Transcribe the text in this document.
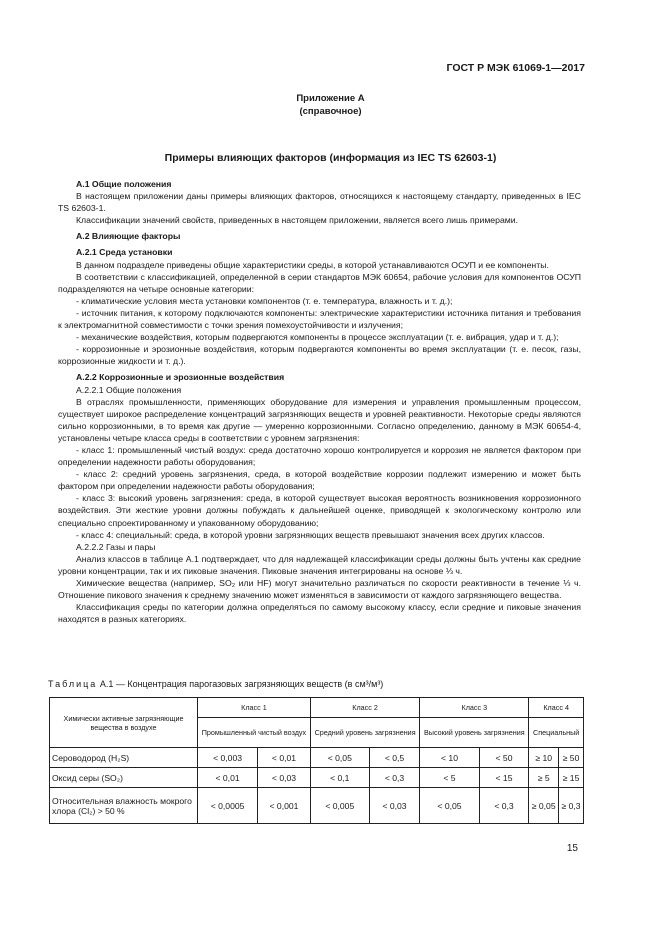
ГОСТ Р МЭК 61069-1—2017
Приложение А
(справочное)
Примеры влияющих факторов (информация из IEC TS 62603-1)

А.1 Общие положения

В настоящем приложении даны примеры влияющих факторов, относящихся к настоящему стандарту, приведенных в IEC TS 62603-1.

Классификации значений свойств, приведенных в настоящем приложении, является всего лишь примерами.

А.2 Влияющие факторы

А.2.1 Среда установки

В данном подразделе приведены общие характеристики среды, в которой устанавливаются ОСУП и ее компоненты.

В соответствии с классификацией, определенной в серии стандартов МЭК 60654, рабочие условия для компонентов ОСУП подразделяются на четыре основные категории:

- климатические условия места установки компонентов (т. е. температура, влажность и т. д.);

- источник питания, к которому подключаются компоненты: электрические характеристики источника питания и требования к электромагнитной совместимости с точки зрения помехоустойчивости и излучения;

- механические воздействия, которым подвергаются компоненты в процессе эксплуатации (т. е. вибрация, удар и т. д.);

- коррозионные и эрозионные воздействия, которым подвергаются компоненты во время эксплуатации (т. е. песок, газы, коррозионные жидкости и т. д.).

А.2.2 Коррозионные и эрозионные воздействия

А.2.2.1 Общие положения

В отраслях промышленности, применяющих оборудование для измерения и управления промышленным процессом, существует широкое распределение концентраций загрязняющих веществ и уровней реактивности. Некоторые среды являются сильно коррозионными, в то время как другие — умеренно коррозионными. Согласно определению, данному в МЭК 60654-4, установлены четыре класса среды в соответствии с уровнем загрязнения:

- класс 1: промышленный чистый воздух: среда достаточно хорошо контролируется и коррозия не является фактором при определении надежности работы оборудования;

- класс 2: средний уровень загрязнения, среда, в которой воздействие коррозии подлежит измерению и может быть фактором при определении надежности работы оборудования;

- класс 3: высокий уровень загрязнения: среда, в которой существует высокая вероятность возникновения коррозионного воздействия. Эти жесткие уровни должны побуждать к дальнейшей оценке, приводящей к экологическому контролю или специально спроектированному и упакованному оборудованию;

- класс 4: специальный: среда, в которой уровни загрязняющих веществ превышают значения всех других классов.

А.2.2.2 Газы и пары

Анализ классов в таблице А.1 подтверждает, что для надлежащей классификации среды должны быть учтены как средние уровни концентрации, так и их пиковые значения. Пиковые значения интегрированы на основе ⅓ ч.

Химические вещества (например, SO₂ или HF) могут значительно различаться по скорости реактивности в течение ⅓ ч. Отношение пикового значения к среднему значению может изменяться в зависимости от каждого загрязняющего вещества.

Классификация среды по категории должна определяться по самому высокому классу, если средние и пиковые значения находятся в разных категориях.

Таблица А.1 — Концентрация парогазовых загрязняющих веществ (в см³/м³)
Химически активные загрязняющие вещества в воздухе	Класс 1		Класс 2		Класс 3		Класс 4	
	Промышленный чистый воздух		Средний уровень загрязнения		Высокий уровень загрязнения		Специальный	
Сероводород (H₂S)	< 0,003	< 0,01	< 0,05	< 0,5	< 10	< 50	≥ 10	≥ 50
Оксид серы (SO₂)	< 0,01	< 0,03	< 0,1	< 0,3	< 5	< 15	≥ 5	≥ 15
Относительная влажность мокрого хлора (Cl₂) > 50 %	< 0,0005	< 0,001	< 0,005	< 0,03	< 0,05	< 0,3	≥ 0,05	≥ 0,3
15
